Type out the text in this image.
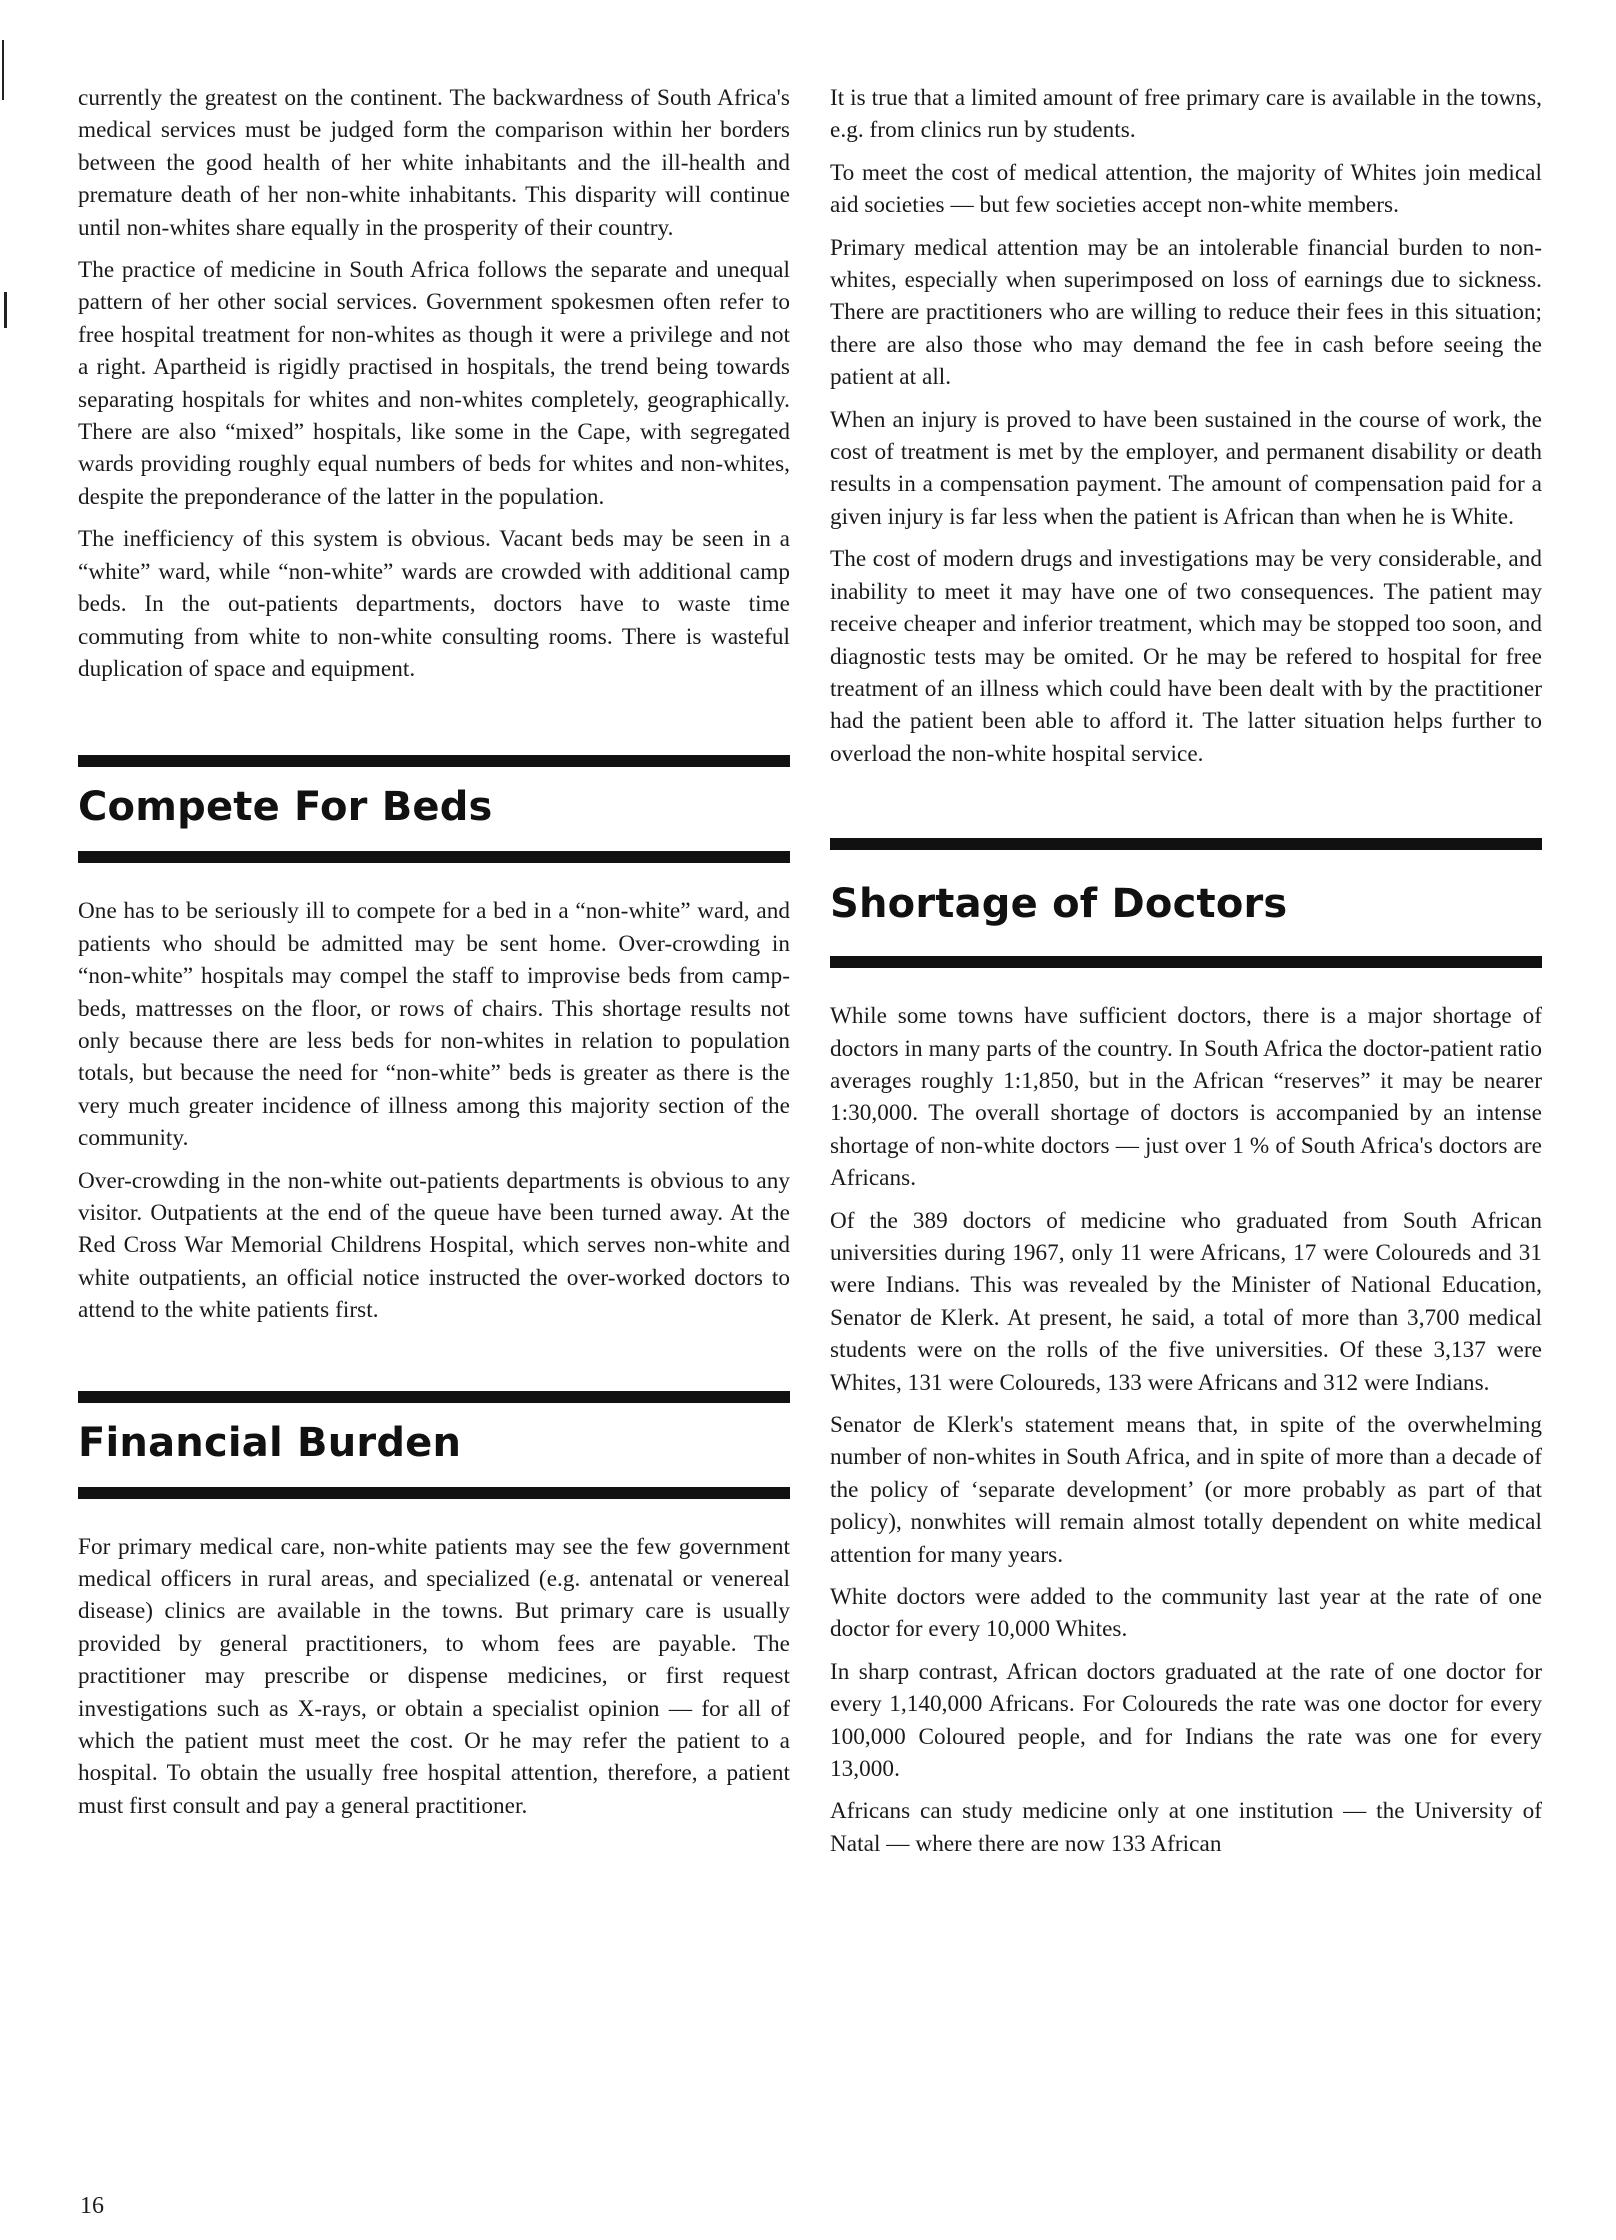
currently the greatest on the continent. The backwardness of South Africa's medical services must be judged form the comparison within her borders between the good health of her white inhabitants and the ill-health and premature death of her non-white inhabitants. This disparity will continue until non-whites share equally in the prosperity of their country.

The practice of medicine in South Africa follows the separate and unequal pattern of her other social services. Government spokesmen often refer to free hospital treatment for non-whites as though it were a privilege and not a right. Apartheid is rigidly practised in hospitals, the trend being towards separating hospitals for whites and non-whites completely, geographically. There are also “mixed” hospitals, like some in the Cape, with segregated wards providing roughly equal numbers of beds for whites and non-whites, despite the preponderance of the latter in the population.

The inefficiency of this system is obvious. Vacant beds may be seen in a “white” ward, while “non-white” wards are crowded with additional camp beds. In the out-patients departments, doctors have to waste time commuting from white to non-white consulting rooms. There is wasteful duplication of space and equipment.

Compete For Beds

One has to be seriously ill to compete for a bed in a “non-white” ward, and patients who should be admitted may be sent home. Over-crowding in “non-white” hospitals may compel the staff to improvise beds from camp-beds, mattresses on the floor, or rows of chairs. This shortage results not only because there are less beds for non-whites in relation to population totals, but because the need for “non-white” beds is greater as there is the very much greater incidence of illness among this majority section of the community.

Over-crowding in the non-white out-patients departments is obvious to any visitor. Outpatients at the end of the queue have been turned away. At the Red Cross War Memorial Childrens Hospital, which serves non-white and white outpatients, an official notice instructed the over-worked doctors to attend to the white patients first.

Financial Burden

For primary medical care, non-white patients may see the few government medical officers in rural areas, and specialized (e.g. antenatal or venereal disease) clinics are available in the towns. But primary care is usually provided by general practitioners, to whom fees are payable. The practitioner may prescribe or dispense medicines, or first request investigations such as X-rays, or obtain a specialist opinion — for all of which the patient must meet the cost. Or he may refer the patient to a hospital. To obtain the usually free hospital attention, therefore, a patient must first consult and pay a general practitioner.

It is true that a limited amount of free primary care is available in the towns, e.g. from clinics run by students.

To meet the cost of medical attention, the majority of Whites join medical aid societies — but few societies accept non-white members.

Primary medical attention may be an intolerable financial burden to non-whites, especially when superimposed on loss of earnings due to sickness. There are practitioners who are willing to reduce their fees in this situation; there are also those who may demand the fee in cash before seeing the patient at all.

When an injury is proved to have been sustained in the course of work, the cost of treatment is met by the employer, and permanent disability or death results in a compensation payment. The amount of compensation paid for a given injury is far less when the patient is African than when he is White.

The cost of modern drugs and investigations may be very considerable, and inability to meet it may have one of two consequences. The patient may receive cheaper and inferior treatment, which may be stopped too soon, and diagnostic tests may be omited. Or he may be refered to hospital for free treatment of an illness which could have been dealt with by the practitioner had the patient been able to afford it. The latter situation helps further to overload the non-white hospital service.

Shortage of Doctors

While some towns have sufficient doctors, there is a major shortage of doctors in many parts of the country. In South Africa the doctor-patient ratio averages roughly 1:1,850, but in the African “reserves” it may be nearer 1:30,000. The overall shortage of doctors is accompanied by an intense shortage of non-white doctors — just over 1 % of South Africa's doctors are Africans.

Of the 389 doctors of medicine who graduated from South African universities during 1967, only 11 were Africans, 17 were Coloureds and 31 were Indians. This was revealed by the Minister of National Education, Senator de Klerk. At present, he said, a total of more than 3,700 medical students were on the rolls of the five universities. Of these 3,137 were Whites, 131 were Coloureds, 133 were Africans and 312 were Indians.

Senator de Klerk's statement means that, in spite of the overwhelming number of non-whites in South Africa, and in spite of more than a decade of the policy of ‘separate development’ (or more probably as part of that policy), nonwhites will remain almost totally dependent on white medical attention for many years.

White doctors were added to the community last year at the rate of one doctor for every 10,000 Whites.

In sharp contrast, African doctors graduated at the rate of one doctor for every 1,140,000 Africans. For Coloureds the rate was one doctor for every 100,000 Coloured people, and for Indians the rate was one for every 13,000.

Africans can study medicine only at one institution — the University of Natal — where there are now 133 African

16
